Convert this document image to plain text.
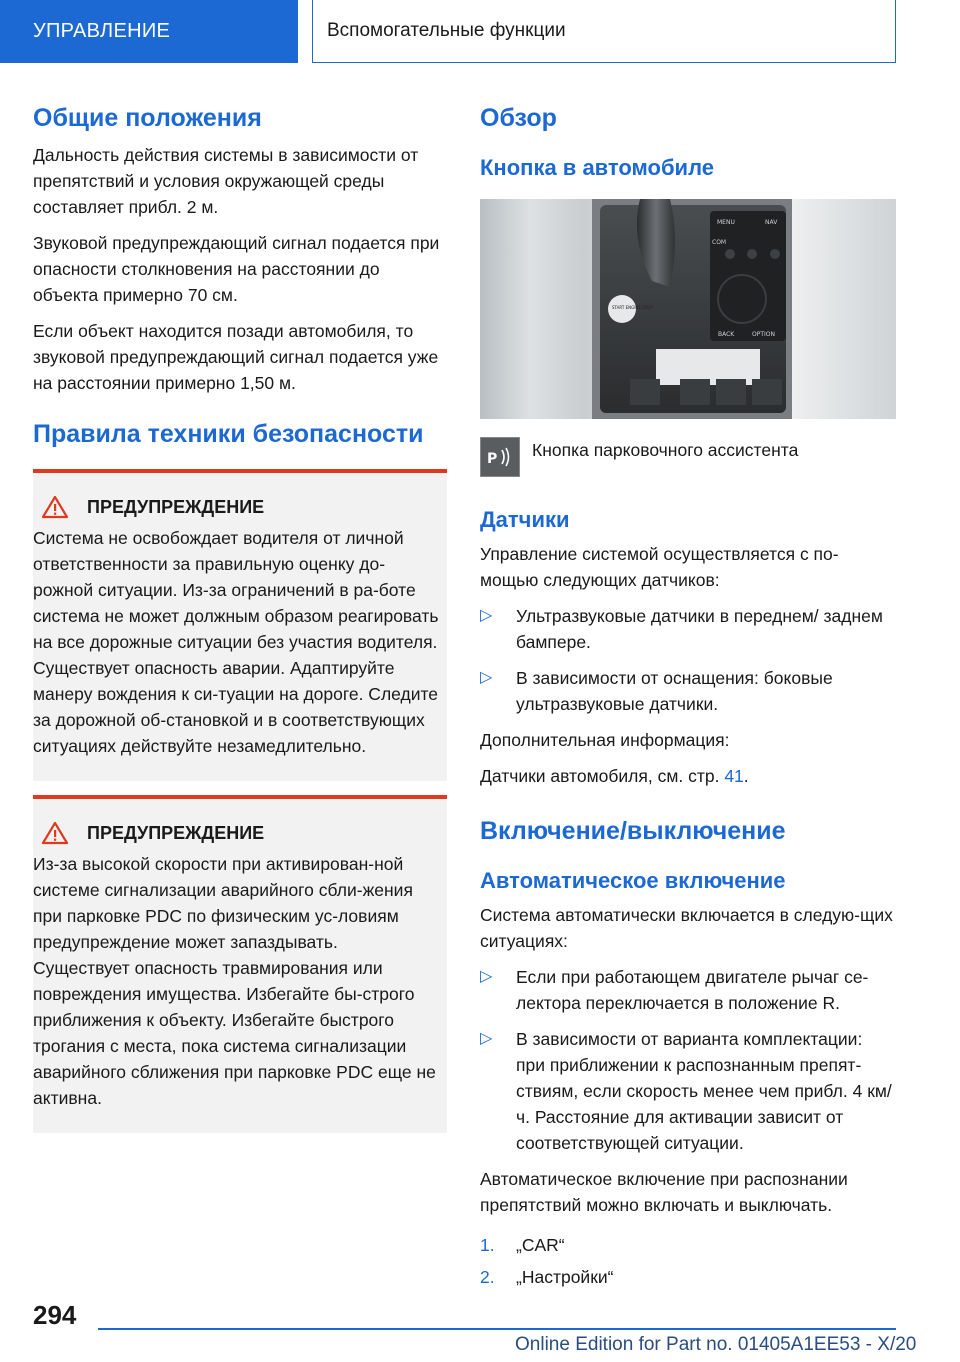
УПРАВЛЕНИЕ	Вспомогательные функции
Общие положения

Дальность действия системы в зависимости от препятствий и условия окружающей среды составляет прибл. 2 м.

Звуковой предупреждающий сигнал подается при опасности столкновения на расстоянии до объекта примерно 70 см.

Если объект находится позади автомобиля, то звуковой предупреждающий сигнал подается уже на расстоянии примерно 1,50 м.

Правила техники безопасности
ПРЕДУПРЕЖДЕНИЕ

Система не освобождает водителя от личной ответственности за правильную оценку до-рожной ситуации. Из-за ограничений в ра-боте система не может должным образом реагировать на все дорожные ситуации без участия водителя. Существует опасность аварии. Адаптируйте манеру вождения к си-туации на дороге. Следите за дорожной об-становкой и в соответствующих ситуациях действуйте незамедлительно.

ПРЕДУПРЕЖДЕНИЕ

Из-за высокой скорости при активирован-ной системе сигнализации аварийного сбли-жения при парковке PDC по физическим ус-ловиям предупреждение может запаздывать. Существует опасность травмирования или повреждения имущества. Избегайте бы-строго приближения к объекту. Избегайте быстрого трогания с места, пока система сигнализации аварийного сближения при парковке PDC еще не активна.

Обзор
Кнопка в автомобиле
MENU	NAV
COM
BACK	OPTION
START ENGINE STOP
P Кнопка парковочного ассистента

Датчики

Управление системой осуществляется с по-мощью следующих датчиков:

▷	Ультразвуковые датчики в переднем/ заднем бампере.

▷	В зависимости от оснащения: боковые ультразвуковые датчики.

Дополнительная информация:

Датчики автомобиля, см. стр. 41.

Включение/выключение
Автоматическое включение

Система автоматически включается в следую-щих ситуациях:

▷	Если при работающем двигателе рычаг се-лектора переключается в положение R.

▷	В зависимости от варианта комплектации: при приближении к распознанным препят-ствиям, если скорость менее чем прибл. 4 км/ч. Расстояние для активации зависит от соответствующей ситуации.

Автоматическое включение при распознании препятствий можно включать и выключать.

1.	„CAR“

2.	„Настройки“

294
Online Edition for Part no. 01405A1EE53 - X/20
